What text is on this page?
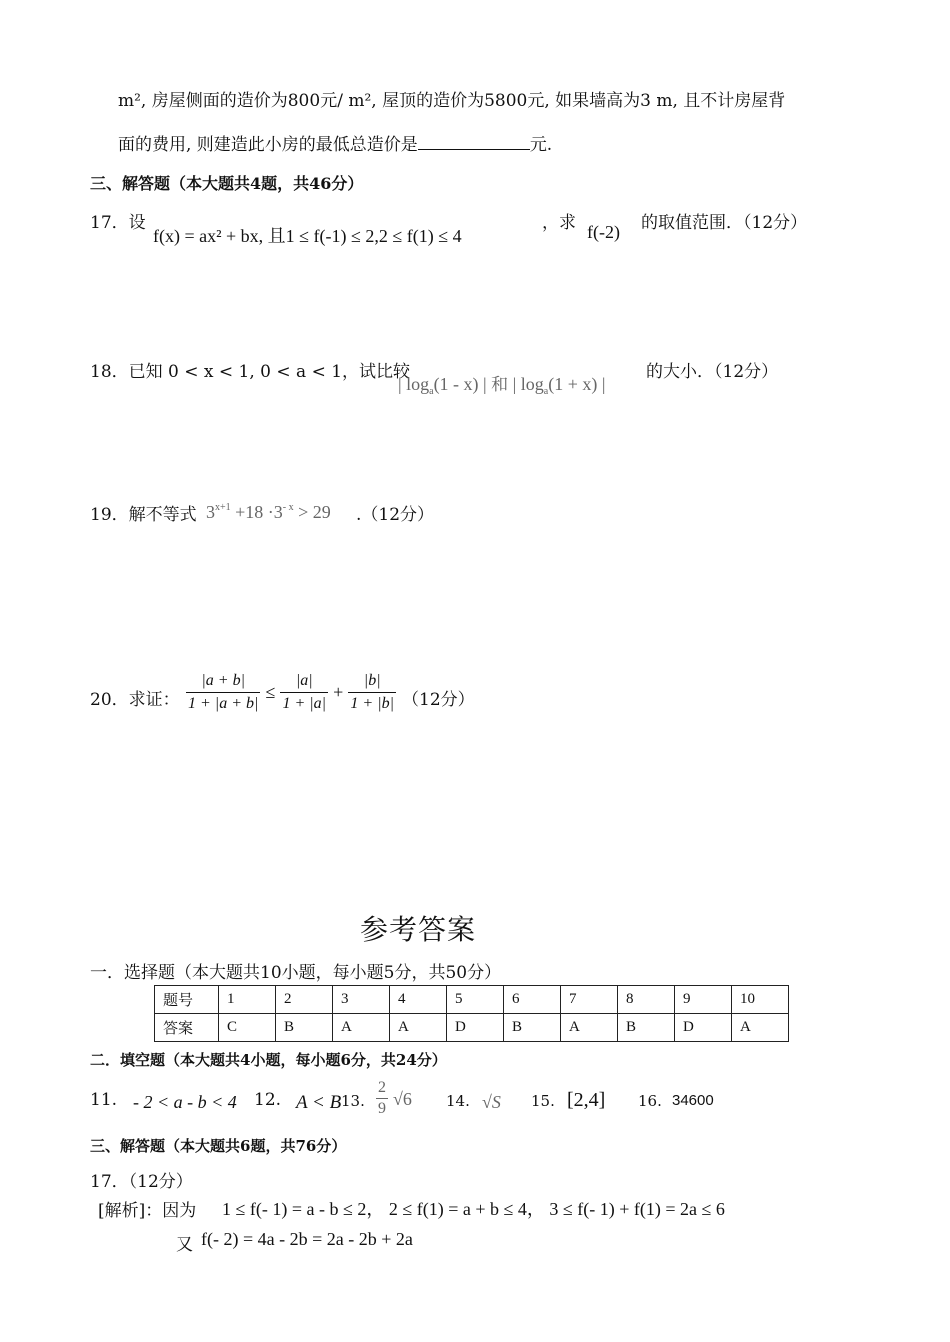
m², 房屋侧面的造价为800元/ m², 屋顶的造价为5800元, 如果墙高为3 m, 且不计房屋背
面的费用, 则建造此小房的最低总造价是	元.
三、解答题（本大题共4题，共46分）
17．设
f(x) = ax² + bx, 且1 ≤ f(-1) ≤ 2,2 ≤ f(1) ≤ 4
，求 f(-2) 的取值范围．（12分）
18．已知 0 < x < 1, 0 < a < 1，试比较
| $\log_a(1 - x)$ | 和 | $\log_a(1 + x)$ |
的大小．（12分）
19．解不等式 $3^{x+1} +18 \cdot 3^{- x} > 29$ .（12分）
20．求证： $\frac{|a + b|}{1 + |a + b|} \le \frac{|a|}{1 + |a|} + \frac{|b|}{1 + |b|} (12$分）
参考答案
一．选择题（本大题共10小题，每小题5分，共50分）
题号	1	2	3	4	5	6	7	8	9	10
答案	C	B	A	A	D	B	A	B	D	A
二．填空题（本大题共4小题，每小题6分，共24分）
11. - 2 < a - b < 4 12. A < B 13. $\frac{2}{9} √6$ 14. √S 15. [2,4] 16. 34600
三、解答题（本大题共6题，共76分）
17．（12分）
[解析]：因为 1 ≤ f(- 1) = a - b ≤ 2， 2 ≤ f(1) = a + b ≤ 4， 3 ≤ f(- 1) + f(1) = 2a ≤ 6
又 f(- 2) = 4a - 2b = 2a - 2b + 2a
